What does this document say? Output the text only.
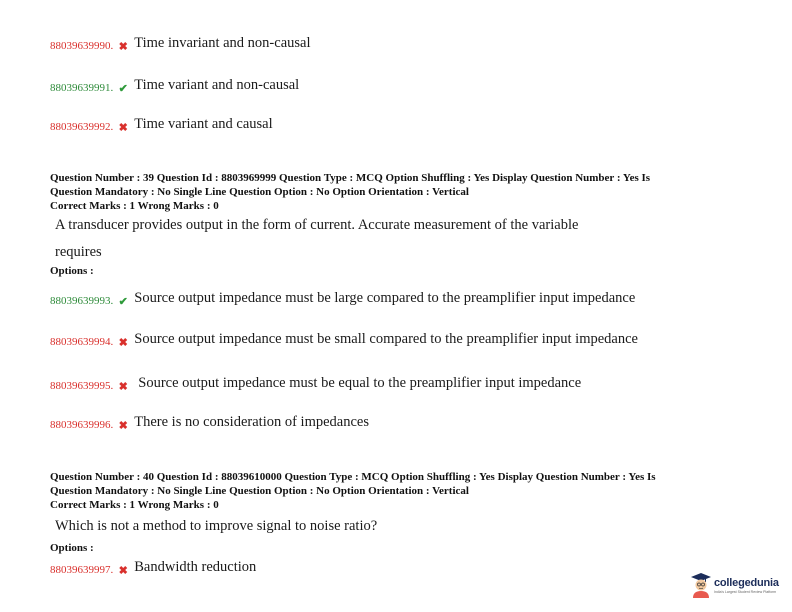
88039639990. ✖ Time invariant and non-causal
88039639991. ✔ Time variant and non-causal
88039639992. ✖ Time variant and causal
Question Number : 39 Question Id : 8803969999 Question Type : MCQ Option Shuffling : Yes Display Question Number : Yes Is
Question Mandatory : No Single Line Question Option : No Option Orientation : Vertical
Correct Marks : 1 Wrong Marks : 0
A transducer provides output in the form of current. Accurate measurement of the variable
requires
Options :
88039639993. ✔ Source output impedance must be large compared to the preamplifier input impedance
88039639994. ✖ Source output impedance must be small compared to the preamplifier input impedance
88039639995. ✖ Source output impedance must be equal to the preamplifier input impedance
88039639996. ✖ There is no consideration of impedances
Question Number : 40 Question Id : 88039610000 Question Type : MCQ Option Shuffling : Yes Display Question Number : Yes Is
Question Mandatory : No Single Line Question Option : No Option Orientation : Vertical
Correct Marks : 1 Wrong Marks : 0
Which is not a method to improve signal to noise ratio?
Options :
88039639997. ✖ Bandwidth reduction
collegedunia
India's Largest Student Review Platform
